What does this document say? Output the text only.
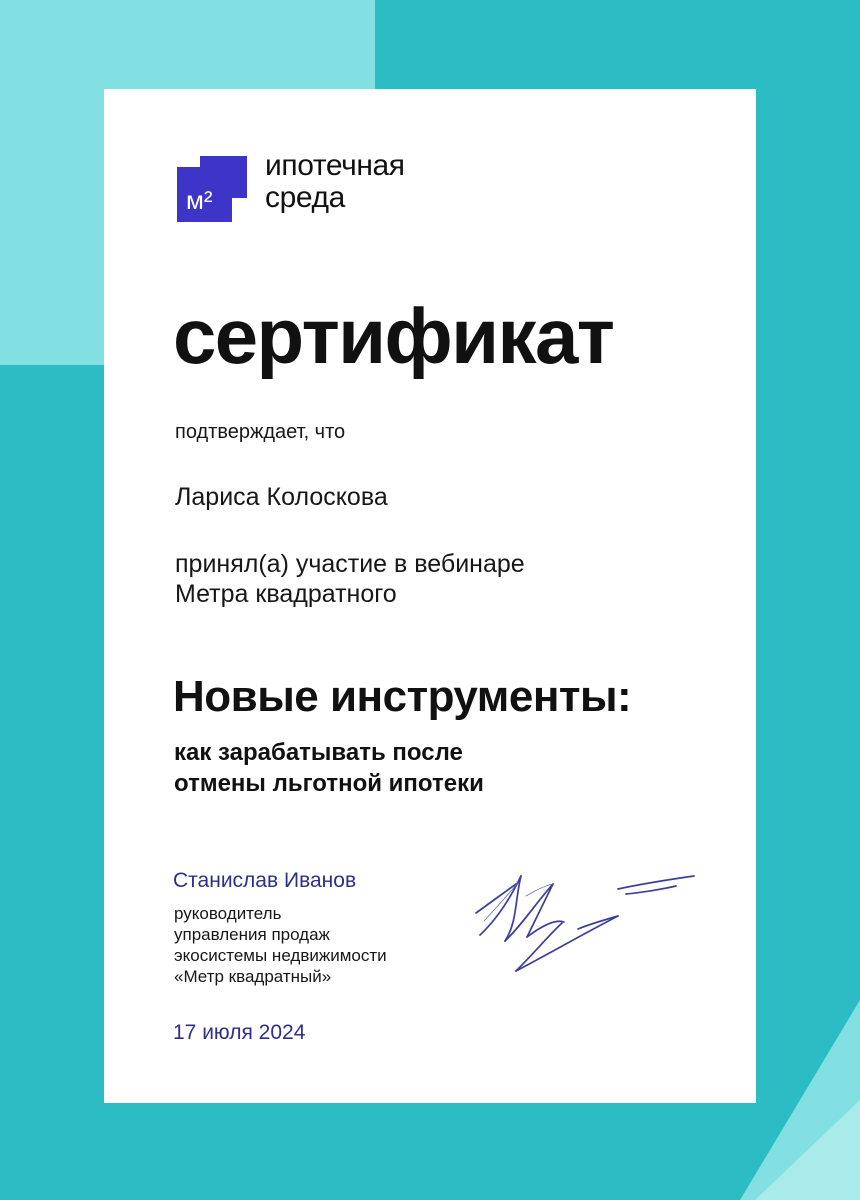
м²
ипотечная
среда
сертификат
подтверждает, что
Лариса Колоскова
принял(а) участие в вебинаре
Метра квадратного
Новые инструменты:
как зарабатывать после
отмены льготной ипотеки
Станислав Иванов
руководитель
управления продаж
экосистемы недвижимости
«Метр квадратный»
17 июля 2024
